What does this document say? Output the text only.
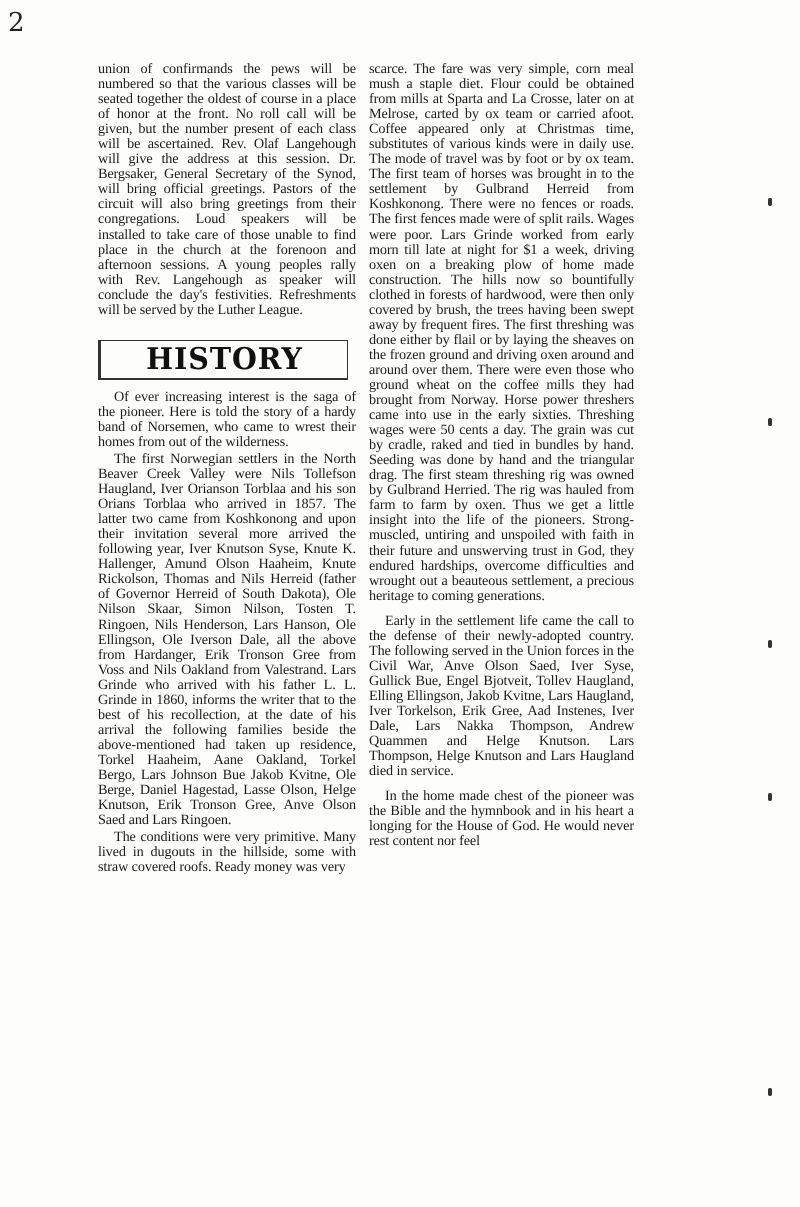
2

union of confirmands the pews will be numbered so that the various classes will be seated together the oldest of course in a place of honor at the front. No roll call will be given, but the number present of each class will be ascertained. Rev. Olaf Langehough will give the address at this session. Dr. Bergsaker, General Secretary of the Synod, will bring official greetings. Pastors of the circuit will also bring greetings from their congregations. Loud speakers will be installed to take care of those unable to find place in the church at the forenoon and afternoon sessions. A young peoples rally with Rev. Langehough as speaker will conclude the day's festivities. Refreshments will be served by the Luther League.

HISTORY

Of ever increasing interest is the saga of the pioneer. Here is told the story of a hardy band of Norsemen, who came to wrest their homes from out of the wilderness.

The first Norwegian settlers in the North Beaver Creek Valley were Nils Tollefson Haugland, Iver Orianson Torblaa and his son Orians Torblaa who arrived in 1857. The latter two came from Koshkonong and upon their invitation several more arrived the following year, Iver Knutson Syse, Knute K. Hallenger, Amund Olson Haaheim, Knute Rickolson, Thomas and Nils Herreid (father of Governor Herreid of South Dakota), Ole Nilson Skaar, Simon Nilson, Tosten T. Ringoen, Nils Henderson, Lars Hanson, Ole Ellingson, Ole Iverson Dale, all the above from Hardanger, Erik Tronson Gree from Voss and Nils Oakland from Valestrand. Lars Grinde who arrived with his father L. L. Grinde in 1860, informs the writer that to the best of his recollection, at the date of his arrival the following families beside the above-mentioned had taken up residence, Torkel Haaheim, Aane Oakland, Torkel Bergo, Lars Johnson Bue Jakob Kvitne, Ole Berge, Daniel Hagestad, Lasse Olson, Helge Knutson, Erik Tronson Gree, Anve Olson Saed and Lars Ringoen.

The conditions were very primitive. Many lived in dugouts in the hillside, some with straw covered roofs. Ready money was very

scarce. The fare was very simple, corn meal mush a staple diet. Flour could be obtained from mills at Sparta and La Crosse, later on at Melrose, carted by ox team or carried afoot. Coffee appeared only at Christmas time, substitutes of various kinds were in daily use. The mode of travel was by foot or by ox team. The first team of horses was brought in to the settlement by Gulbrand Herreid from Koshkonong. There were no fences or roads. The first fences made were of split rails. Wages were poor. Lars Grinde worked from early morn till late at night for $1 a week, driving oxen on a breaking plow of home made construction. The hills now so bountifully clothed in forests of hardwood, were then only covered by brush, the trees having been swept away by frequent fires. The first threshing was done either by flail or by laying the sheaves on the frozen ground and driving oxen around and around over them. There were even those who ground wheat on the coffee mills they had brought from Norway. Horse power threshers came into use in the early sixties. Threshing wages were 50 cents a day. The grain was cut by cradle, raked and tied in bundles by hand. Seeding was done by hand and the triangular drag. The first steam threshing rig was owned by Gulbrand Herried. The rig was hauled from farm to farm by oxen. Thus we get a little insight into the life of the pioneers. Strong-muscled, untiring and unspoiled with faith in their future and unswerving trust in God, they endured hardships, overcome difficulties and wrought out a beauteous settlement, a precious heritage to coming generations.

Early in the settlement life came the call to the defense of their newly-adopted country. The following served in the Union forces in the Civil War, Anve Olson Saed, Iver Syse, Gullick Bue, Engel Bjotveit, Tollev Haugland, Elling Ellingson, Jakob Kvitne, Lars Haugland, Iver Torkelson, Erik Gree, Aad Instenes, Iver Dale, Lars Nakka Thompson, Andrew Quammen and Helge Knutson. Lars Thompson, Helge Knutson and Lars Haugland died in service.

In the home made chest of the pioneer was the Bible and the hymnbook and in his heart a longing for the House of God. He would never rest content nor feel
